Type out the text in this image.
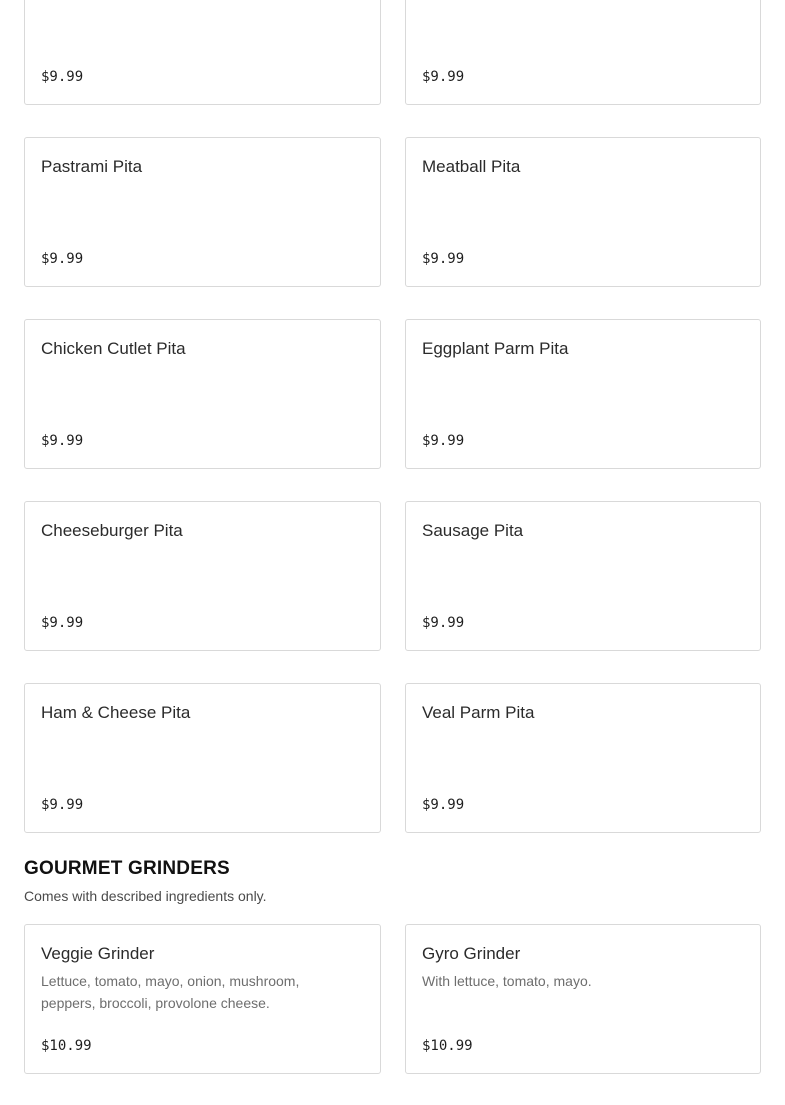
$9.99	$9.99
Pastrami Pita
$9.99
Meatball Pita
$9.99
Chicken Cutlet Pita
$9.99
Eggplant Parm Pita
$9.99
Cheeseburger Pita
$9.99
Sausage Pita
$9.99
Ham & Cheese Pita
$9.99
Veal Parm Pita
$9.99
GOURMET GRINDERS

Comes with described ingredients only.

Veggie Grinder
Lettuce, tomato, mayo, onion, mushroom, peppers, broccoli, provolone cheese.
$10.99
Gyro Grinder
With lettuce, tomato, mayo.
$10.99
